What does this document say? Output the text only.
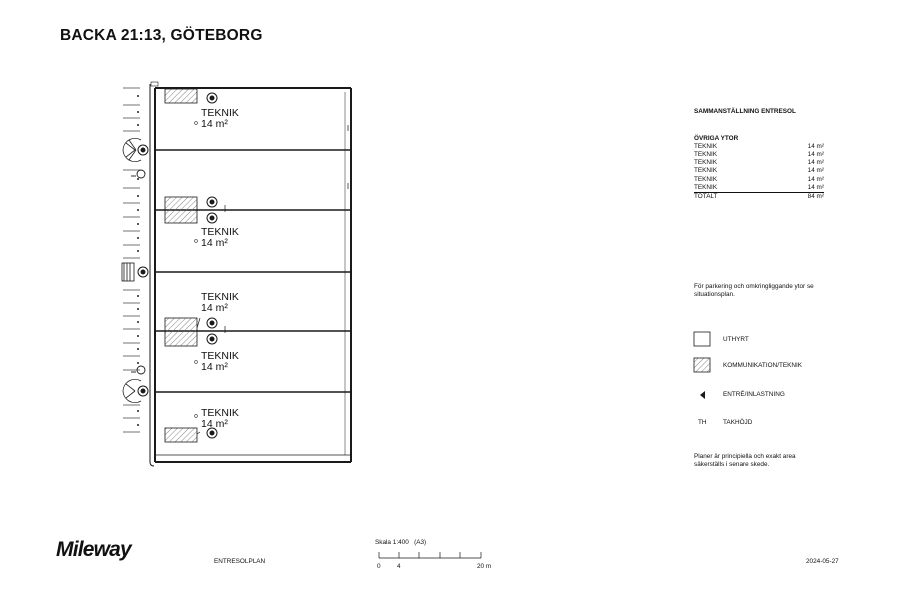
BACKA 21:13, GÖTEBORG
TEKNIK
14 m²
TEKNIK
14 m²
TEKNIK
14 m²
TEKNIK
14 m²
TEKNIK
14 m²
SAMMANSTÄLLNING ENTRESOL
ÖVRIGA YTOR
TEKNIK	14 m²
TEKNIK	14 m²
TEKNIK	14 m²
TEKNIK	14 m²
TEKNIK	14 m²
TEKNIK	14 m²
TOTALT	84 m²
För parkering och omkringliggande ytor se situationsplan.
UTHYRT
KOMMUNIKATION/TEKNIK
ENTRÉ/INLASTNING
TH	TAKHÖJD
Planer är principiella och exakt area säkerställs i senare skede.
Mileway
ENTRESOLPLAN
Skala 1:400 (A3)
0	4	20 m
2024-05-27
